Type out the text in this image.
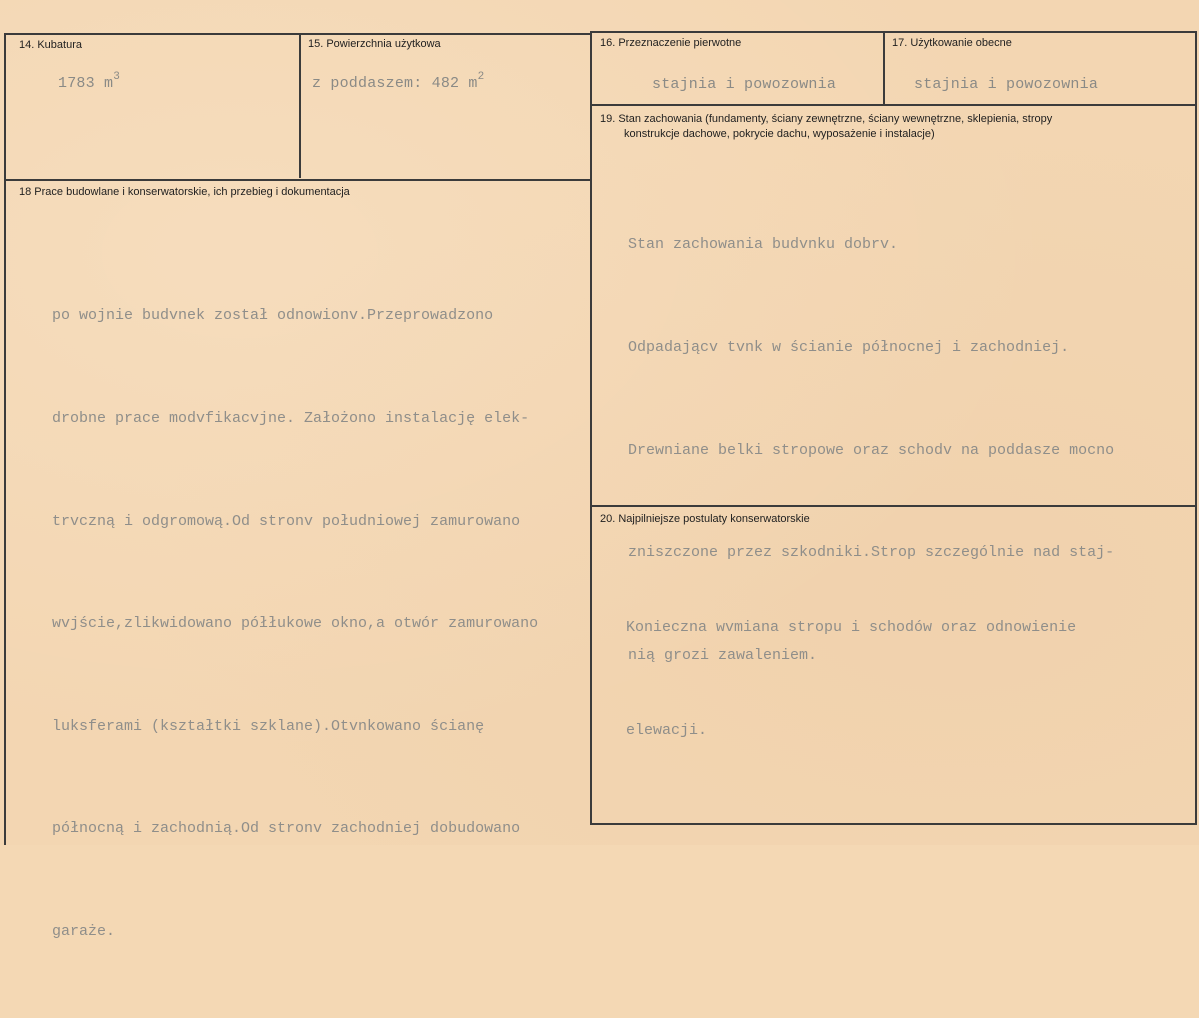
14. Kubatura
1783 $m^3$
15. Powierzchnia użytkowa
z poddaszem: 482 $m^2$
16. Przeznaczenie pierwotne
stajnia i powozownia
17. Użytkowanie obecne
stajnia i powozownia
18 Prace budowlane i konserwatorskie, ich przebieg i dokumentacja

po wojnie budvnek został odnowionv.Przeprowadzono

drobne prace modvfikacvjne. Założono instalację elek-

trvczną i odgromową.Od stronv południowej zamurowano

wvjście,zlikwidowano półłukowe okno,a otwór zamurowano

luksferami (kształtki szklane).Otvnkowano ścianę

północną i zachodnią.Od stronv zachodniej dobudowano

garaże.

19. Stan zachowania (fundamenty, ściany zewnętrzne, ściany wewnętrzne, sklepienia, stropy
konstrukcje dachowe, pokrycie dachu, wyposażenie i instalacje)

Stan zachowania budvnku dobrv.

Odpadającv tvnk w ścianie północnej i zachodniej.

Drewniane belki stropowe oraz schodv na poddasze mocno

zniszczone przez szkodniki.Strop szczególnie nad staj-

nią grozi zawaleniem.

20. Najpilniejsze postulaty konserwatorskie

Konieczna wvmiana stropu i schodów oraz odnowienie

elewacji.
